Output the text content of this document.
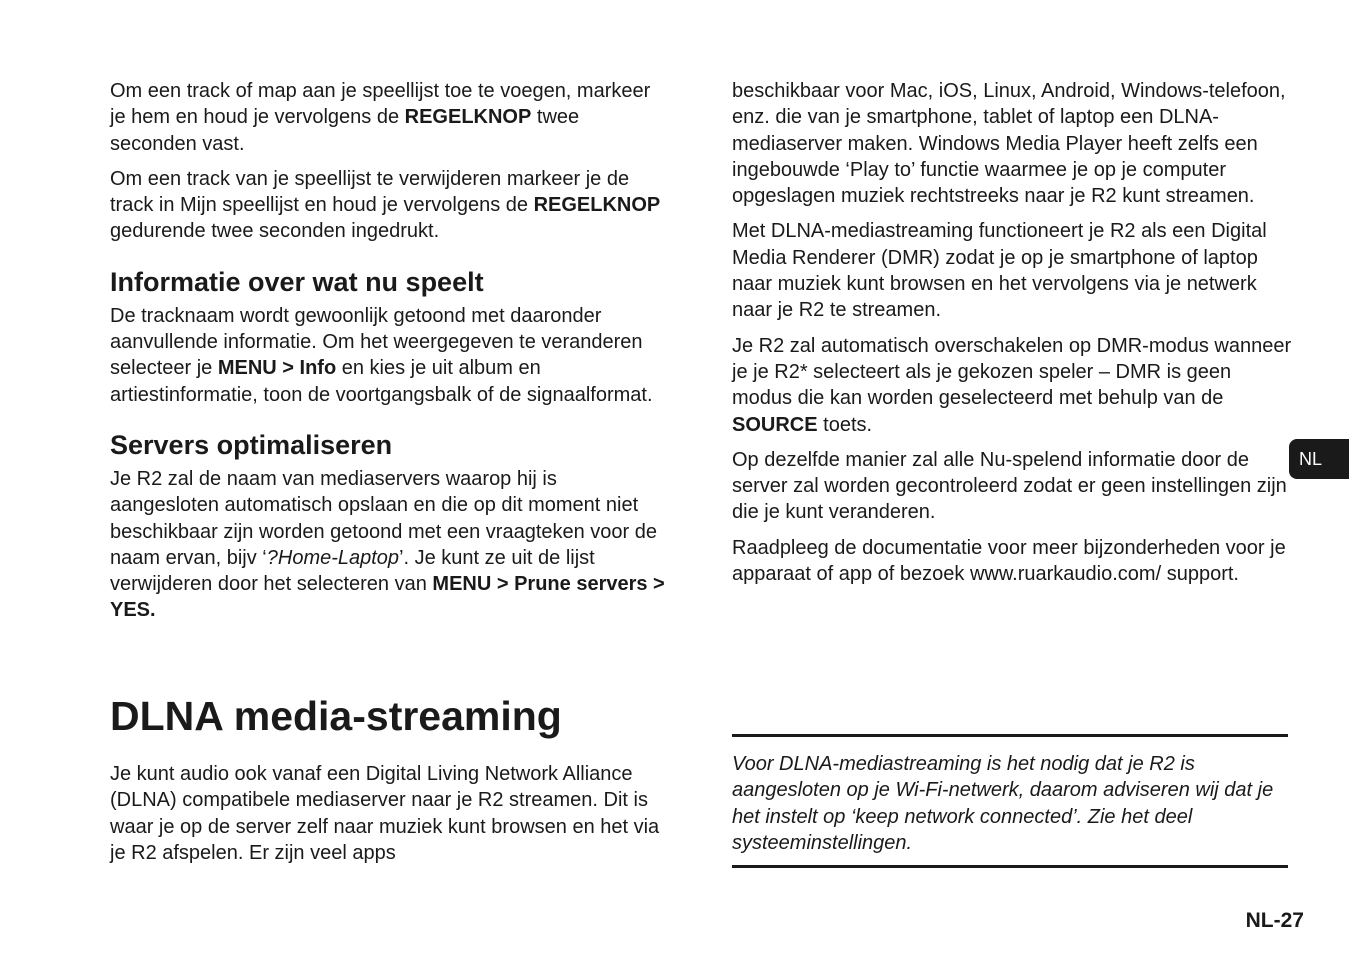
Om een track of map aan je speellijst toe te voegen, markeer je hem en houd je vervolgens de REGELKNOP twee seconden vast.

Om een track van je speellijst te verwijderen markeer je de track in Mijn speellijst en houd je vervolgens de REGELKNOP gedurende twee seconden ingedrukt.

Informatie over wat nu speelt

De tracknaam wordt gewoonlijk getoond met daaronder aanvullende informatie. Om het weergegeven te veranderen selecteer je MENU > Info en kies je uit album en artiestinformatie, toon de voortgangsbalk of de signaalformat.

Servers optimaliseren

Je R2 zal de naam van mediaservers waarop hij is aangesloten automatisch opslaan en die op dit moment niet beschikbaar zijn worden getoond met een vraagteken voor de naam ervan, bijv ‘?Home-Laptop’. Je kunt ze uit de lijst verwijderen door het selecteren van MENU > Prune servers > YES.

DLNA media-streaming

Je kunt audio ook vanaf een Digital Living Network Alliance (DLNA) compatibele mediaserver naar je R2 streamen. Dit is waar je op de server zelf naar muziek kunt browsen en het via je R2 afspelen. Er zijn veel apps

beschikbaar voor Mac, iOS, Linux, Android, Windows-telefoon, enz. die van je smartphone, tablet of laptop een DLNA-mediaserver maken. Windows Media Player heeft zelfs een ingebouwde ‘Play to’ functie waarmee je op je computer opgeslagen muziek rechtstreeks naar je R2 kunt streamen.

Met DLNA-mediastreaming functioneert je R2 als een Digital Media Renderer (DMR) zodat je op je smartphone of laptop naar muziek kunt browsen en het vervolgens via je netwerk naar je R2 te streamen.

Je R2 zal automatisch overschakelen op DMR-modus wanneer je je R2* selecteert als je gekozen speler – DMR is geen modus die kan worden geselecteerd met behulp van de SOURCE toets.

Op dezelfde manier zal alle Nu-spelend informatie door de server zal worden gecontroleerd zodat er geen instellingen zijn die je kunt veranderen.

Raadpleeg de documentatie voor meer bijzonderheden voor je apparaat of app of bezoek www.ruarkaudio.com/ support.

Voor DLNA-mediastreaming is het nodig dat je R2 is aangesloten op je Wi-Fi-netwerk, daarom adviseren wij dat je het instelt op ‘keep network connected’. Zie het deel systeeminstellingen.

NL
NL-27
